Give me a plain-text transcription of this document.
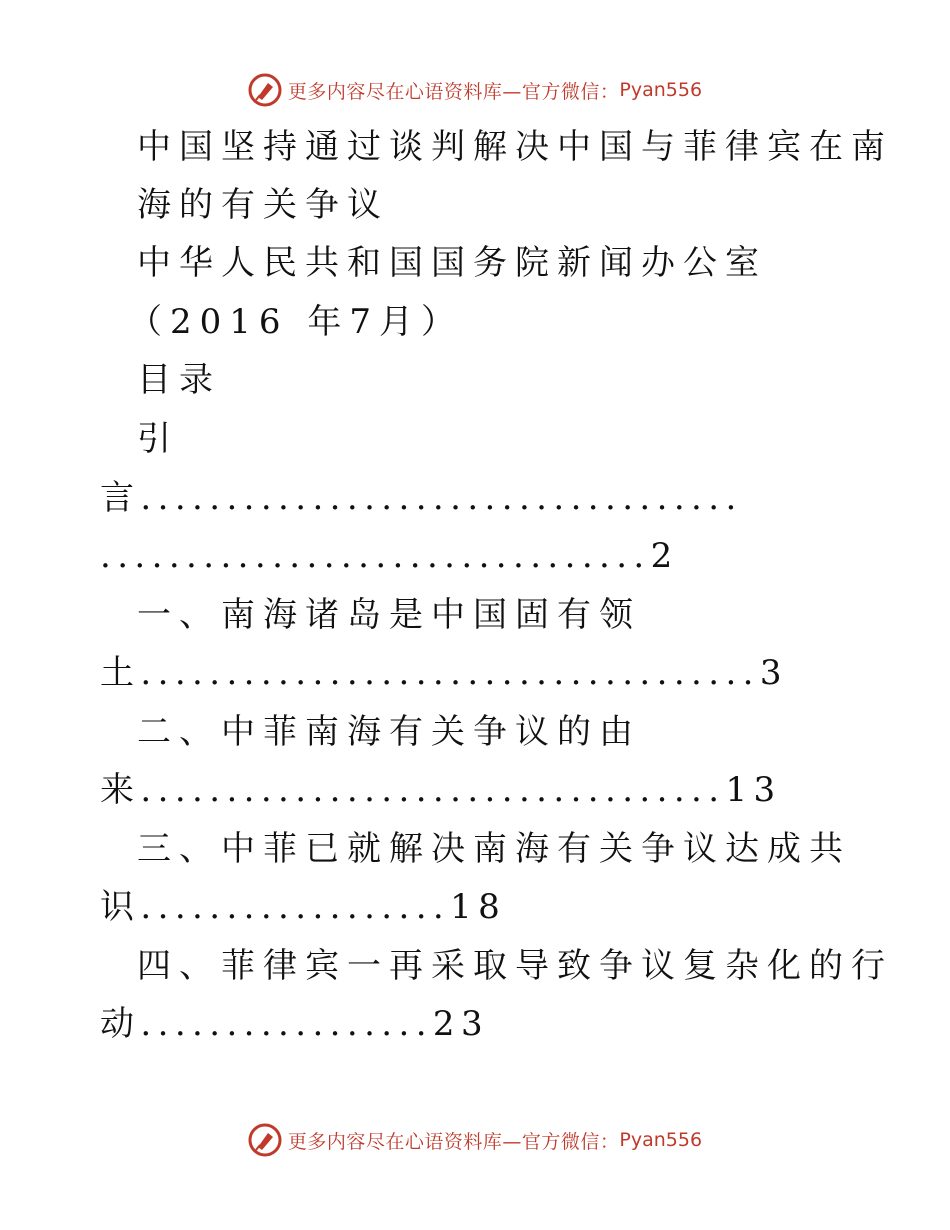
更多内容尽在心语资料库—官方微信： Pyan556
中国坚持通过谈判解决中国与菲律宾在南
海的有关争议
中华人民共和国国务院新闻办公室
（2016 年7月）
目录
引
言...................................
................................2
一、南海诸岛是中国固有领
土....................................3
二、中菲南海有关争议的由
来..................................13
三、中菲已就解决南海有关争议达成共
识..................18
四、菲律宾一再采取导致争议复杂化的行
动.................23
更多内容尽在心语资料库—官方微信： Pyan556
